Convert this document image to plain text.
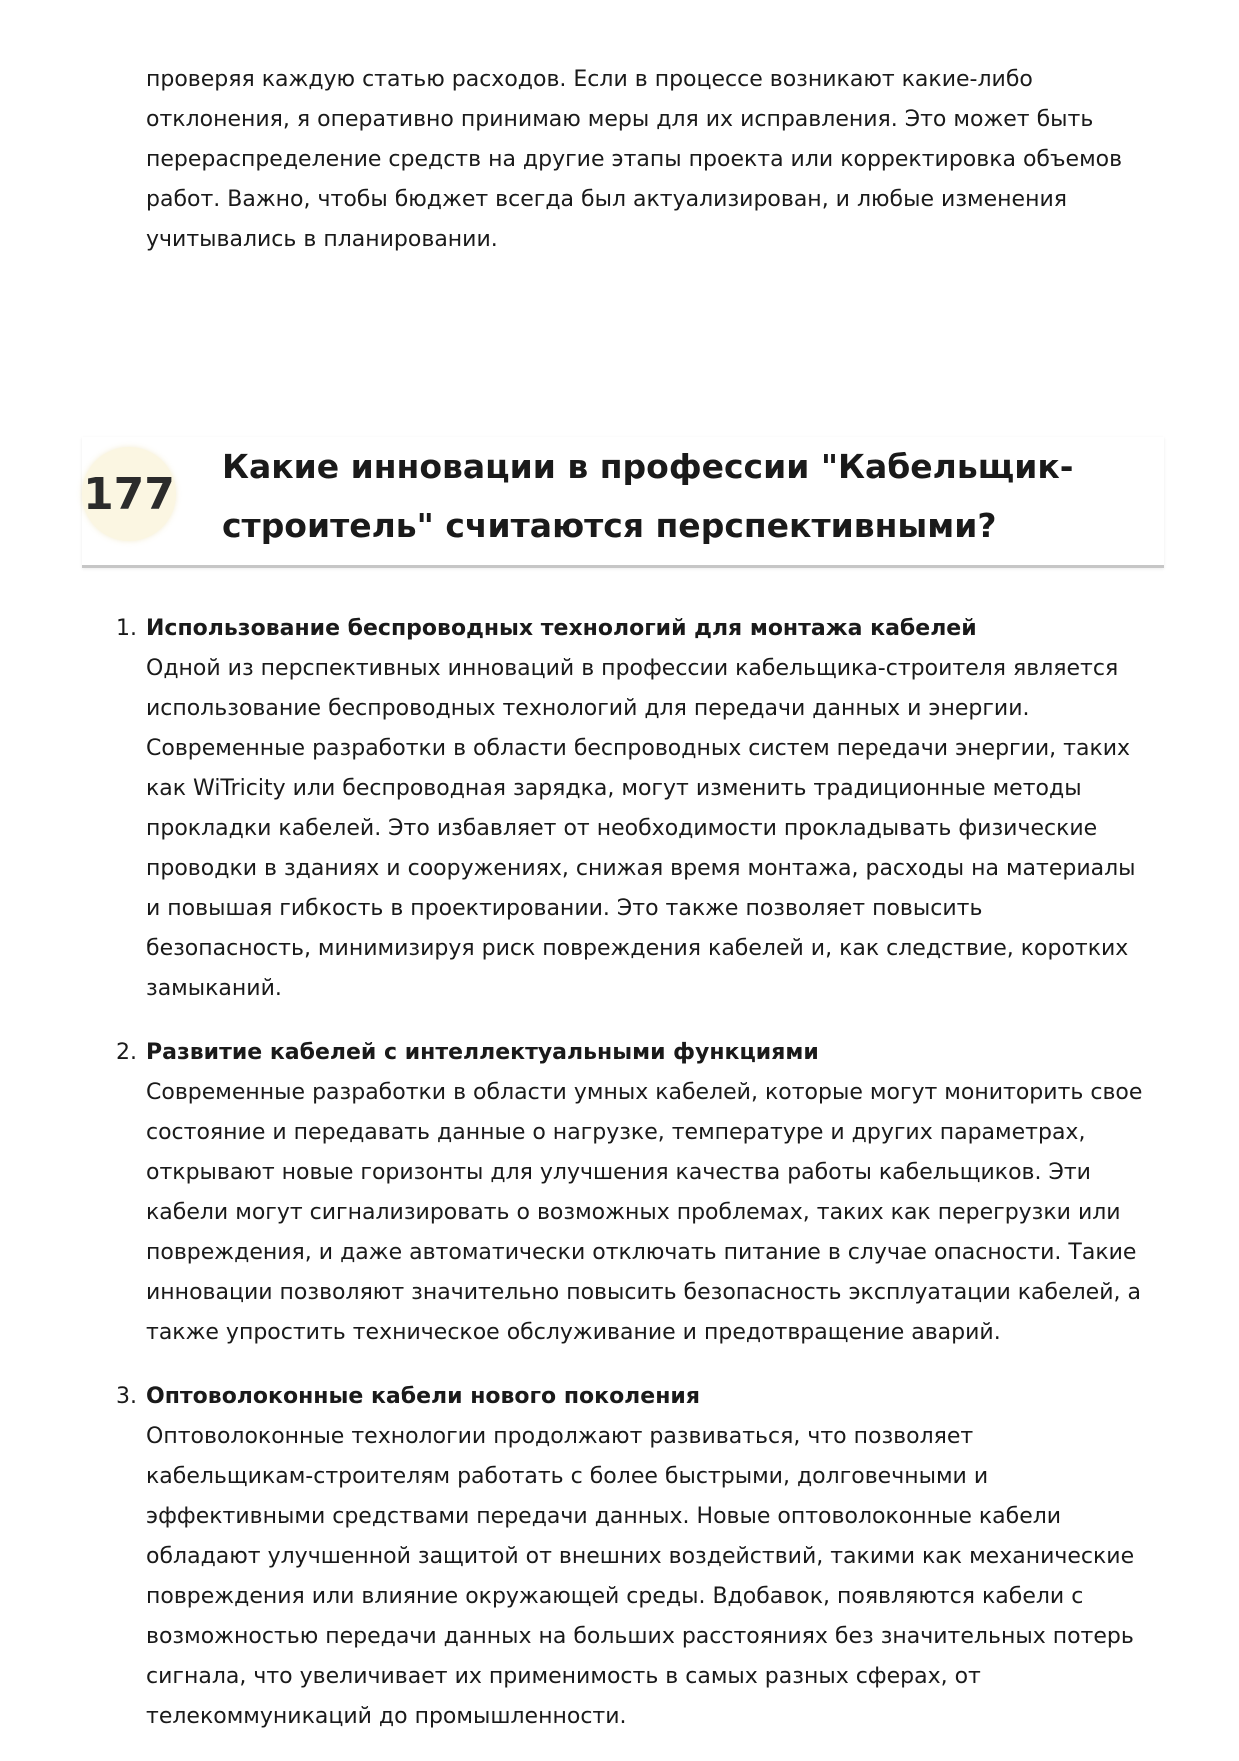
проверяя каждую статью расходов. Если в процессе возникают какие-либо отклонения, я оперативно принимаю меры для их исправления. Это может быть перераспределение средств на другие этапы проекта или корректировка объемов работ. Важно, чтобы бюджет всегда был актуализирован, и любые изменения учитывались в планировании.

177
Какие инновации в профессии "Кабельщик-строитель" считаются перспективными?
1. Использование беспроводных технологий для монтажа кабелей

Одной из перспективных инноваций в профессии кабельщика-строителя является использование беспроводных технологий для передачи данных и энергии. Современные разработки в области беспроводных систем передачи энергии, таких как WiTricity или беспроводная зарядка, могут изменить традиционные методы прокладки кабелей. Это избавляет от необходимости прокладывать физические проводки в зданиях и сооружениях, снижая время монтажа, расходы на материалы и повышая гибкость в проектировании. Это также позволяет повысить безопасность, минимизируя риск повреждения кабелей и, как следствие, коротких замыканий.

2. Развитие кабелей с интеллектуальными функциями

Современные разработки в области умных кабелей, которые могут мониторить свое состояние и передавать данные о нагрузке, температуре и других параметрах, открывают новые горизонты для улучшения качества работы кабельщиков. Эти кабели могут сигнализировать о возможных проблемах, таких как перегрузки или повреждения, и даже автоматически отключать питание в случае опасности. Такие инновации позволяют значительно повысить безопасность эксплуатации кабелей, а также упростить техническое обслуживание и предотвращение аварий.

3. Оптоволоконные кабели нового поколения

Оптоволоконные технологии продолжают развиваться, что позволяет кабельщикам-строителям работать с более быстрыми, долговечными и эффективными средствами передачи данных. Новые оптоволоконные кабели обладают улучшенной защитой от внешних воздействий, такими как механические повреждения или влияние окружающей среды. Вдобавок, появляются кабели с возможностью передачи данных на больших расстояниях без значительных потерь сигнала, что увеличивает их применимость в самых разных сферах, от телекоммуникаций до промышленности.
